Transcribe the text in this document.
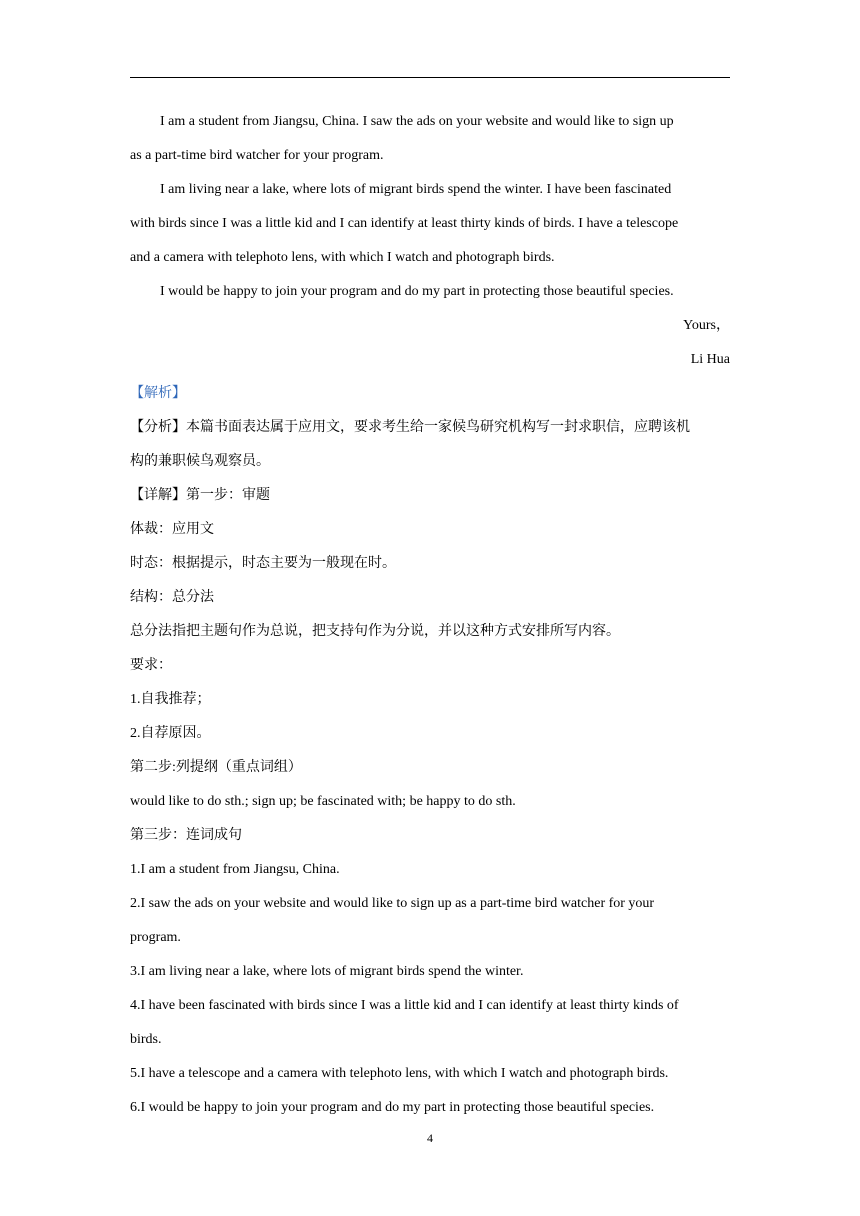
I am a student from Jiangsu, China. I saw the ads on your website and would like to sign up
as a part-time bird watcher for your program.
I am living near a lake, where lots of migrant birds spend the winter. I have been fascinated
with birds since I was a little kid and I can identify at least thirty kinds of birds. I have a telescope
and a camera with telephoto lens, with which I watch and photograph birds.
I would be happy to join your program and do my part in protecting those beautiful species.
Yours，
Li Hua
【解析】
【分析】本篇书面表达属于应用文，要求考生给一家候鸟研究机构写一封求职信，应聘该机
构的兼职候鸟观察员。
【详解】第一步：审题
体裁：应用文
时态：根据提示，时态主要为一般现在时。
结构：总分法
总分法指把主题句作为总说，把支持句作为分说，并以这种方式安排所写内容。
要求：
1.自我推荐；
2.自荐原因。
第二步:列提纲（重点词组）
would like to do sth.; sign up; be fascinated with; be happy to do sth.
第三步：连词成句
1.I am a student from Jiangsu, China.
2.I saw the ads on your website and would like to sign up as a part-time bird watcher for your
program.
3.I am living near a lake, where lots of migrant birds spend the winter.
4.I have been fascinated with birds since I was a little kid and I can identify at least thirty kinds of
birds.
5.I have a telescope and a camera with telephoto lens, with which I watch and photograph birds.
6.I would be happy to join your program and do my part in protecting those beautiful species.
4
